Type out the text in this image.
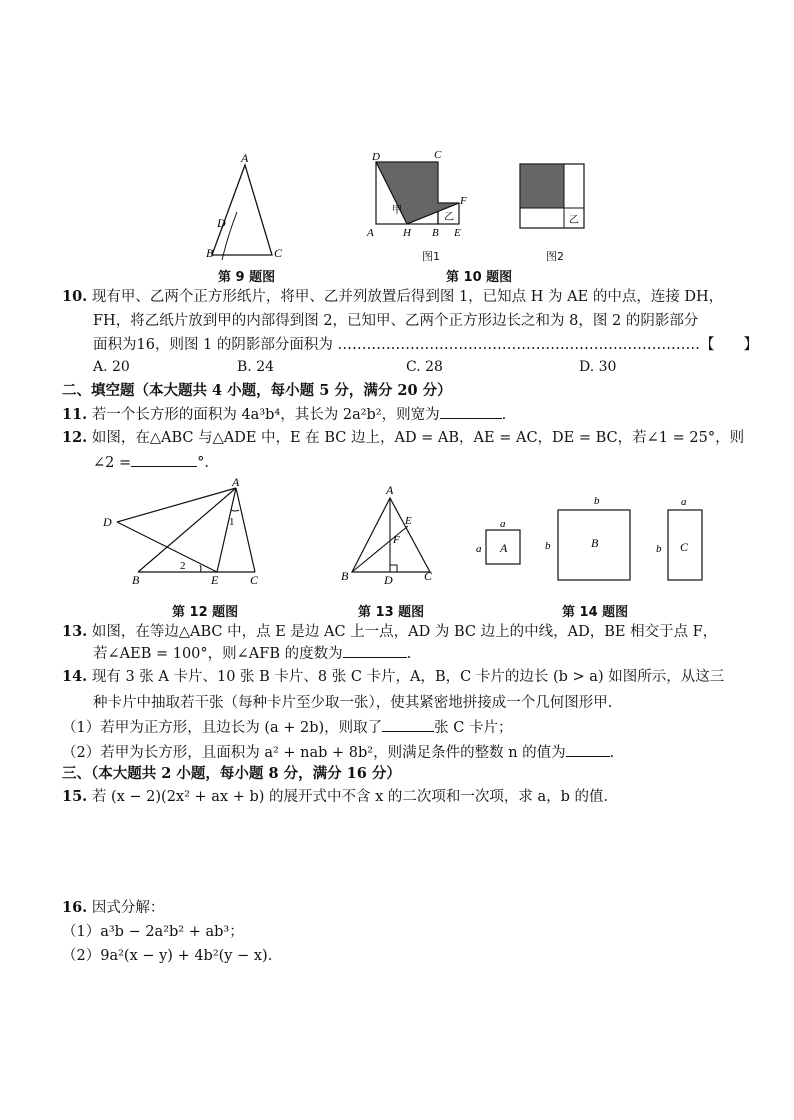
A
D
B	C
第 9 题图
D	C
F
A	H B E
甲
乙
图1
乙
图2
第 10 题图
10. 现有甲、乙两个正方形纸片，将甲、乙并列放置后得到图 1，已知点 H 为 AE 的中点，连接 DH，
FH，将乙纸片放到甲的内部得到图 2，已知甲、乙两个正方形边长之和为 8，图 2 的阴影部分
面积为16，则图 1 的阴影部分面积为 …………………………………………………………………【　　】
A. 20	B. 24	C. 28	D. 30
二、填空题（本大题共 4 小题，每小题 5 分，满分 20 分）
11. 若一个长方形的面积为 4a³b⁴，其长为 2a²b²，则宽为	.
12. 如图，在△ABC 与△ADE 中，E 在 BC 边上，AD = AB，AE = AC，DE = BC，若∠1 = 25°，则
∠2 =	°.
A
D
B	E	C
1
2
第 12 题图
A
E
F
B	D	C
第 13 题图
A
a
a	B
b
b	C
a
b
第 14 题图
13. 如图，在等边△ABC 中，点 E 是边 AC 上一点，AD 为 BC 边上的中线，AD，BE 相交于点 F，
若∠AEB = 100°，则∠AFB 的度数为	.
14. 现有 3 张 A 卡片、10 张 B 卡片、8 张 C 卡片，A，B，C 卡片的边长 (b > a) 如图所示，从这三
种卡片中抽取若干张（每种卡片至少取一张），使其紧密地拼接成一个几何图形甲.
（1）若甲为正方形，且边长为 (a + 2b)，则取了	张 C 卡片；
（2）若甲为长方形，且面积为 a² + nab + 8b²，则满足条件的整数 n 的值为	.
三、（本大题共 2 小题，每小题 8 分，满分 16 分）
15. 若 (x − 2)(2x² + ax + b) 的展开式中不含 x 的二次项和一次项，求 a，b 的值.
16. 因式分解：
（1）a³b − 2a²b² + ab³；
（2）9a²(x − y) + 4b²(y − x).
